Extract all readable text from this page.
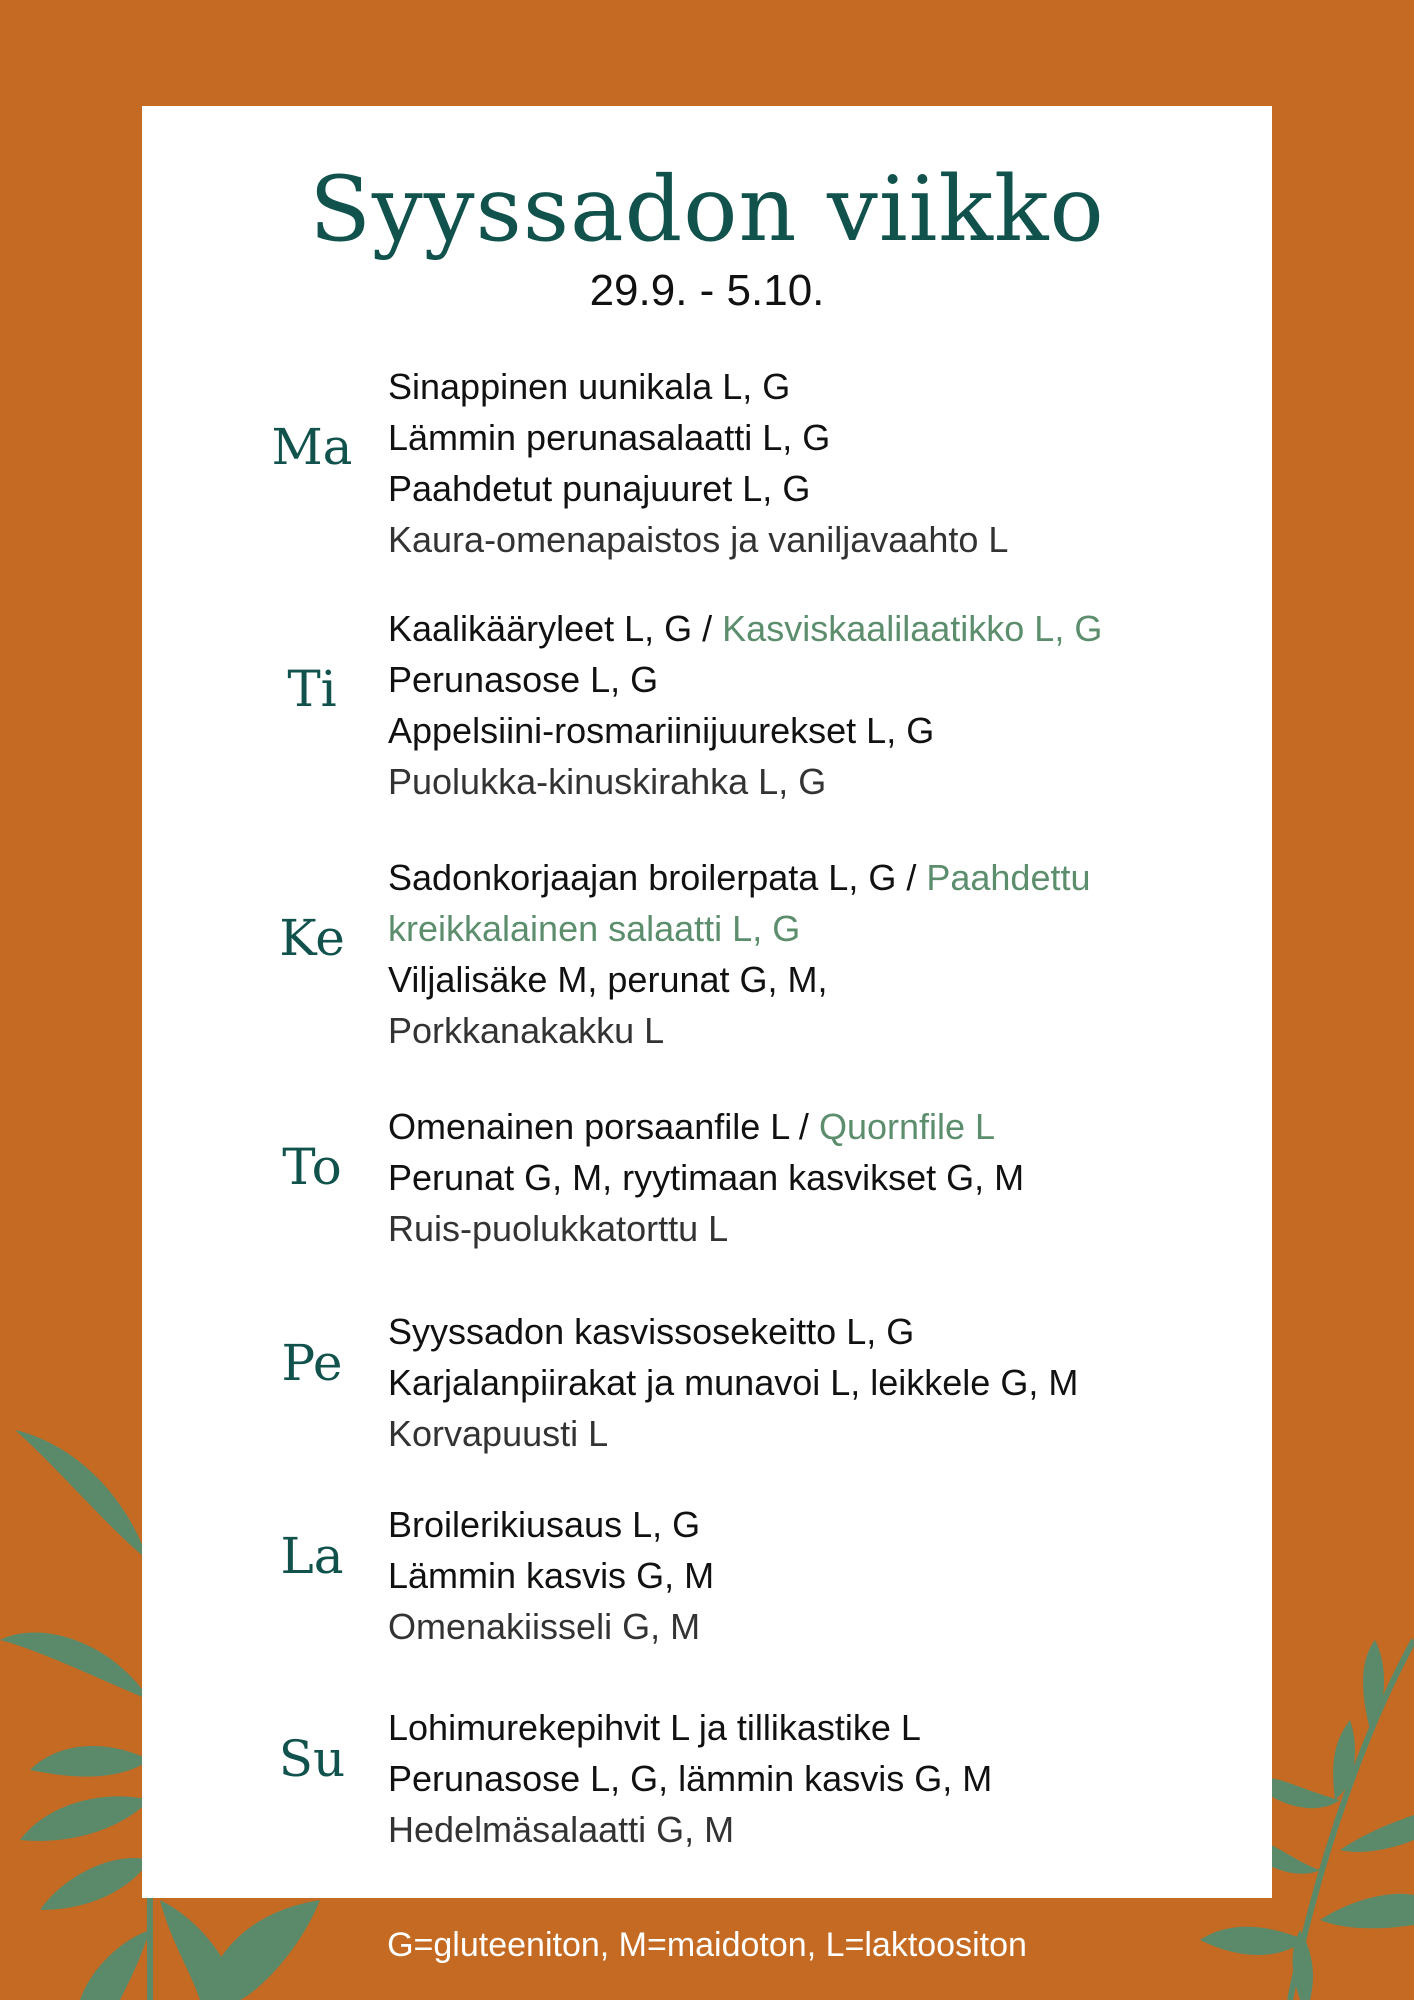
Syyssadon viikko
29.9. - 5.10.
Ma
Sinappinen uunikala L, G
Lämmin perunasalaatti L, G
Paahdetut punajuuret L, G
Kaura-omenapaistos ja vaniljavaahto L
Ti
Kaalikääryleet L, G / Kasviskaalilaatikko L, G
Perunasose L, G
Appelsiini-rosmariinijuurekset L, G
Puolukka-kinuskirahka L, G
Ke
Sadonkorjaajan broilerpata L, G / Paahdettu kreikkalainen salaatti L, G
Viljalisäke M, perunat G, M,
Porkkanakakku L
To
Omenainen porsaanfile L / Quornfile L
Perunat G, M, ryytimaan kasvikset G, M
Ruis-puolukkatorttu L
Pe
Syyssadon kasvissosekeitto L, G
Karjalanpiirakat ja munavoi L, leikkele G, M
Korvapuusti L
La
Broilerikiusaus L, G
Lämmin kasvis G, M
Omenakiisseli G, M
Su
Lohimurekepihvit L ja tillikastike L
Perunasose L, G, lämmin kasvis G, M
Hedelmäsalaatti G, M
G=gluteeniton, M=maidoton, L=laktoositon
